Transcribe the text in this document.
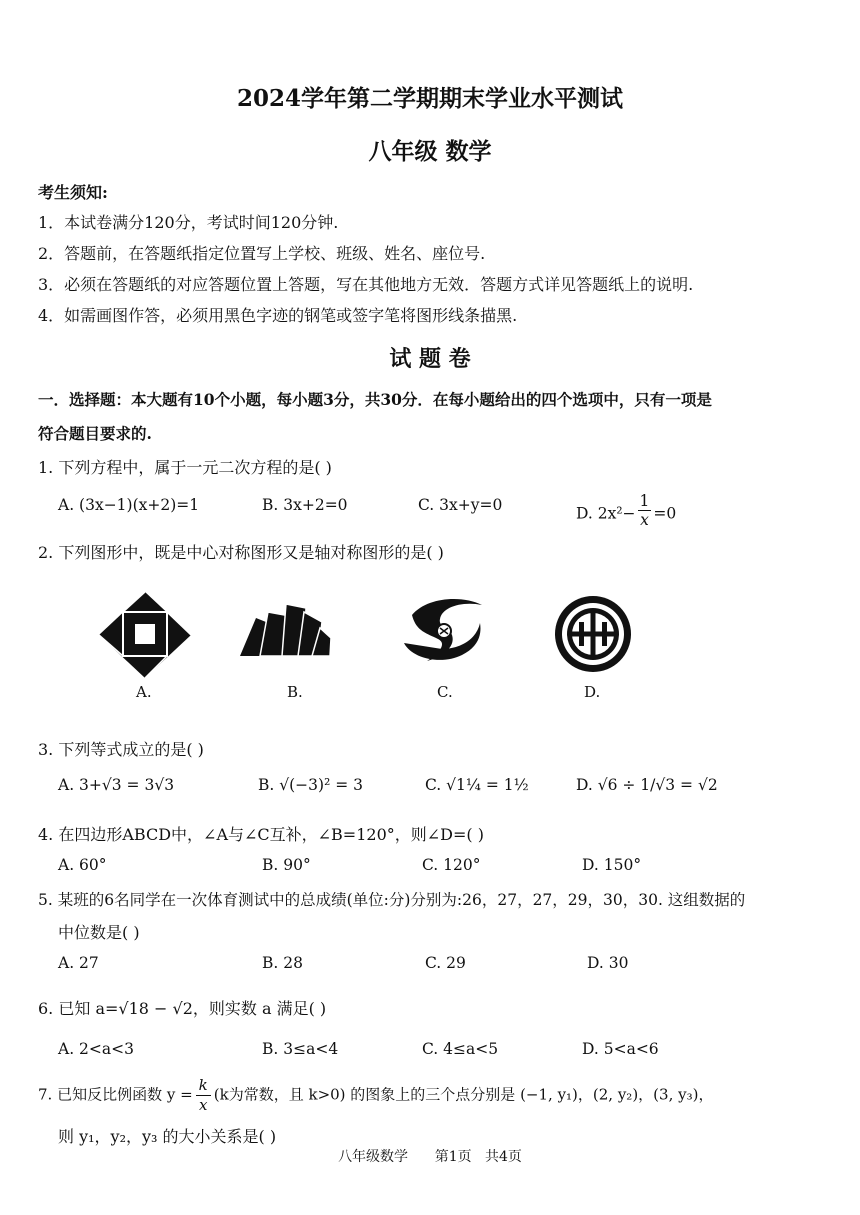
2024学年第二学期期末学业水平测试
八年级 数学
考生须知:
1．本试卷满分120分，考试时间120分钟.
2．答题前，在答题纸指定位置写上学校、班级、姓名、座位号.
3．必须在答题纸的对应答题位置上答题，写在其他地方无效．答题方式详见答题纸上的说明.
4．如需画图作答，必须用黑色字迹的钢笔或签字笔将图形线条描黑.
试 题 卷
一．选择题：本大题有10个小题，每小题3分，共30分．在每小题给出的四个选项中，只有一项是
符合题目要求的.
1. 下列方程中，属于一元二次方程的是( )
A. (3x−1)(x+2)=1	B. 3x+2=0	C. 3x+y=0	D. $2x^2- \frac{1}{x} =0$
2. 下列图形中，既是中心对称图形又是轴对称图形的是( )
A.	B.	C.	D.
3. 下列等式成立的是( )
A. 3+√3 = 3√3	B. √(−3)² = 3	C. √1¼ = 1½	D. √6 ÷ 1/√3 = √2
4. 在四边形ABCD中，∠A与∠C互补，∠B=120°，则∠D=( )
A. 60°	B. 90°	C. 120°	D. 150°
5. 某班的6名同学在一次体育测试中的总成绩(单位:分)分别为:26，27，27，29，30，30. 这组数据的
中位数是( )
A. 27	B. 28	C. 29	D. 30
6. 已知 a=√18 − √2，则实数 a 满足( )
A. 2<a<3	B. 3≤a<4	C. 4≤a<5	D. 5<a<6
7. 已知反比例函数 $y = \frac{k}{x} (k$为常数，且 k>0) 的图象上的三个点分别是 (−1, y₁)，(2, y₂)，(3, y₃)，
则 y₁，y₂，y₃ 的大小关系是( )
八年级数学      第1页   共4页
